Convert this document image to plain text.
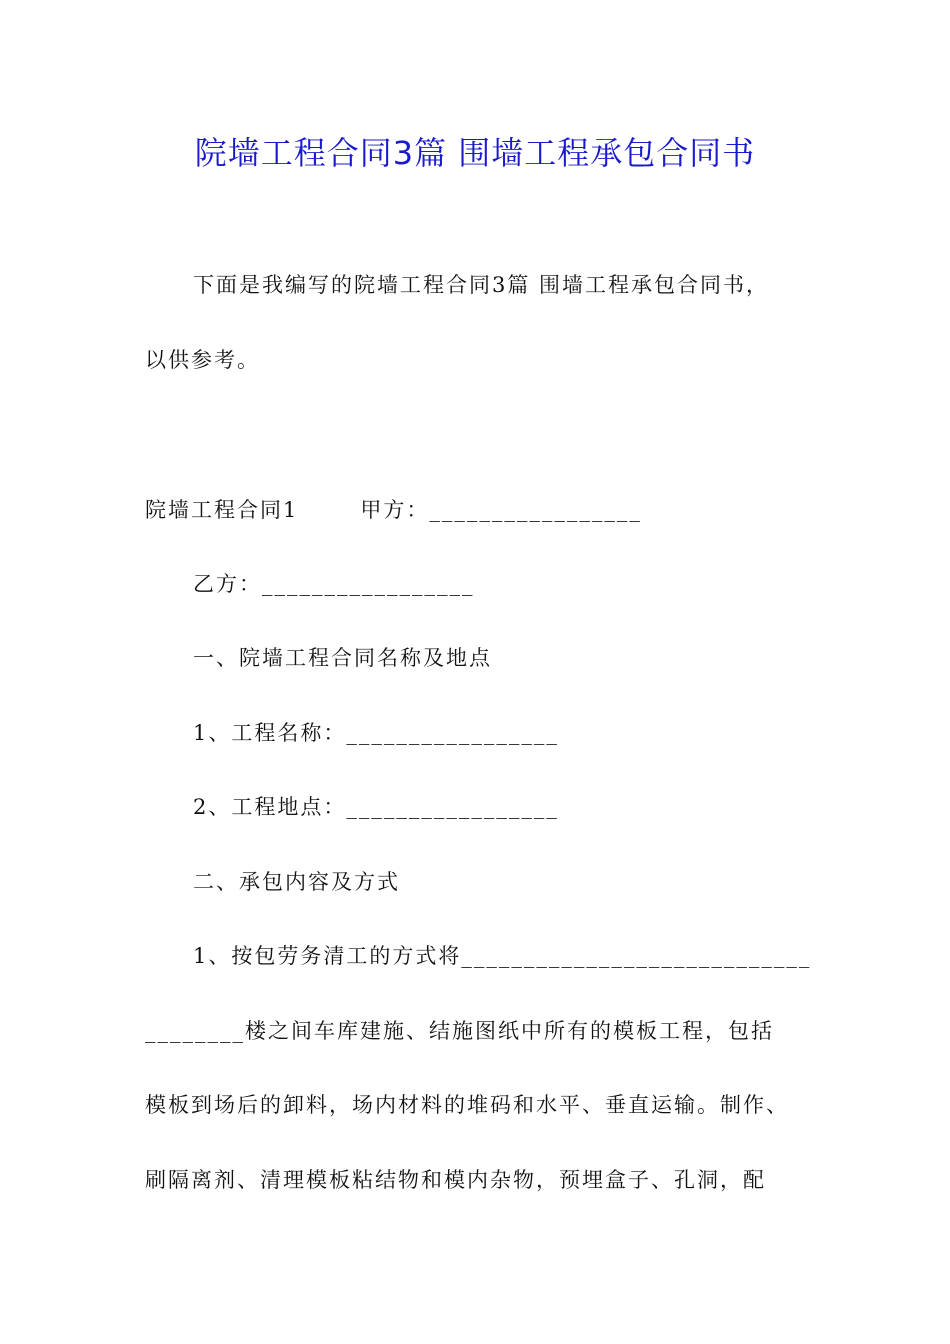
院墙工程合同3篇 围墙工程承包合同书
下面是我编写的院墙工程合同3篇 围墙工程承包合同书，
以供参考。
院墙工程合同1	甲方：_________________
乙方：_________________
一、院墙工程合同名称及地点
1、工程名称：_________________
2、工程地点：_________________
二、承包内容及方式
1、按包劳务清工的方式将____________________________
________楼之间车库建施、结施图纸中所有的模板工程，包括
模板到场后的卸料，场内材料的堆码和水平、垂直运输。制作、
刷隔离剂、清理模板粘结物和模内杂物，预埋盒子、孔洞，配
